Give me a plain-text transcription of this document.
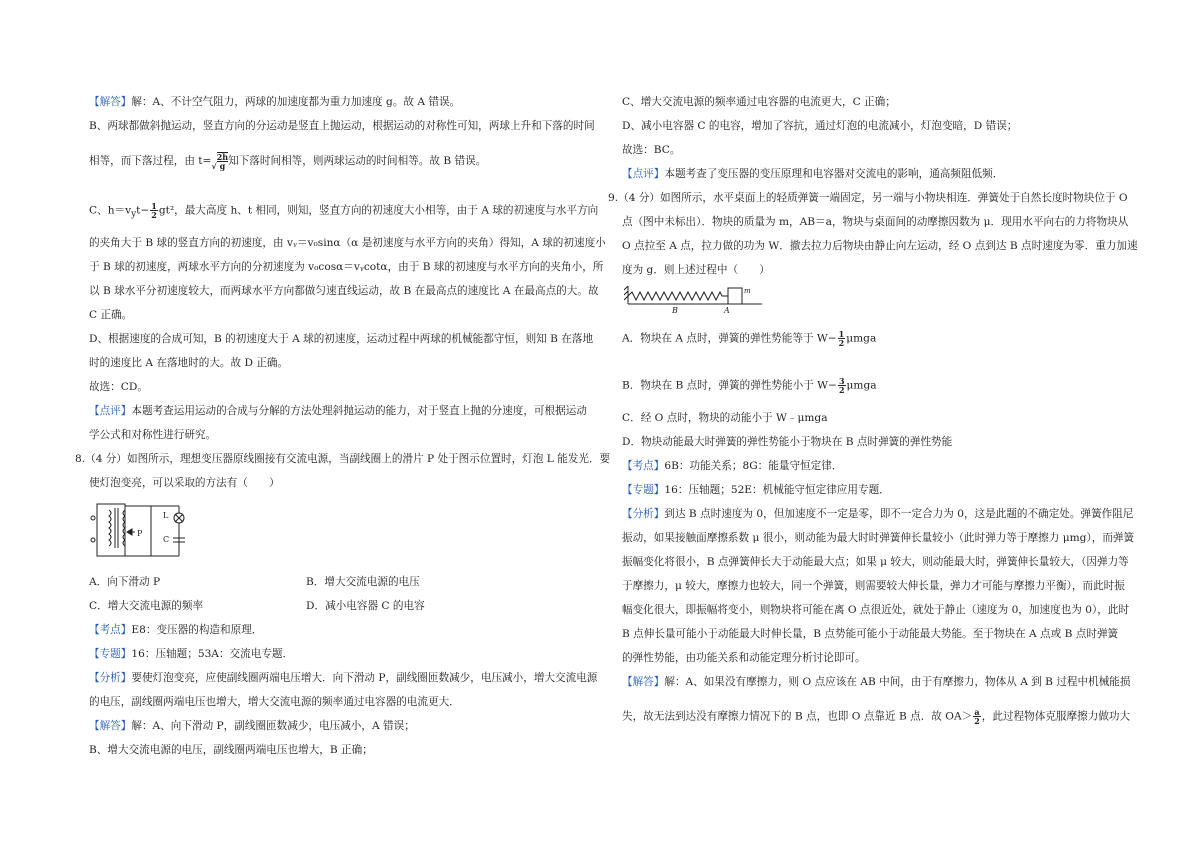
【解答】解：A、不计空气阻力，两球的加速度都为重力加速度 g。故 A 错误。
B、两球都做斜抛运动，竖直方向的分运动是竖直上抛运动，根据运动的对称性可知，两球上升和下落的时间
相等，而下落过程，由 $t=√ \frac{2h}{g}$ 知下落时间相等，则两球运动的时间相等。故 B 错误。
C、$h=v_yt- \frac{1}{2} gt^2$，最大高度 h、t 相同，则知，竖直方向的初速度大小相等，由于 A 球的初速度与水平方向
的夹角大于 B 球的竖直方向的初速度，由 vᵧ＝v₀sinα（α 是初速度与水平方向的夹角）得知，A 球的初速度小
于 B 球的初速度，两球水平方向的分初速度为 v₀cosα＝vᵧcotα，由于 B 球的初速度与水平方向的夹角小，所
以 B 球水平分初速度较大，而两球水平方向都做匀速直线运动，故 B 在最高点的速度比 A 在最高点的大。故
C 正确。
D、根据速度的合成可知，B 的初速度大于 A 球的初速度，运动过程中两球的机械能都守恒，则知 B 在落地
时的速度比 A 在落地时的大。故 D 正确。
故选：CD。
【点评】本题考查运用运动的合成与分解的方法处理斜抛运动的能力，对于竖直上抛的分速度，可根据运动
学公式和对称性进行研究。
8.（4 分）如图所示，理想变压器原线圈接有交流电源，当副线圈上的滑片 P 处于图示位置时，灯泡 L 能发光．要
使灯泡变亮，可以采取的方法有（　　）
L
P
C
A．向下滑动 P	B．增大交流电源的电压
C．增大交流电源的频率	D．减小电容器 C 的电容
【考点】E8：变压器的构造和原理．
【专题】16：压轴题；53A：交流电专题．
【分析】要使灯泡变亮，应使副线圈两端电压增大．向下滑动 P，副线圈匝数减少，电压减小，增大交流电源
的电压，副线圈两端电压也增大，增大交流电源的频率通过电容器的电流更大．
【解答】解：A、向下滑动 P，副线圈匝数减少，电压减小，A 错误；
B、增大交流电源的电压，副线圈两端电压也增大，B 正确；
C、增大交流电源的频率通过电容器的电流更大，C 正确；
D、减小电容器 C 的电容，增加了容抗，通过灯泡的电流减小，灯泡变暗，D 错误；
故选：BC。
【点评】本题考查了变压器的变压原理和电容器对交流电的影响，通高频阻低频．
9.（4 分）如图所示，水平桌面上的轻质弹簧一端固定，另一端与小物块相连．弹簧处于自然长度时物块位于 O
点（图中未标出）．物块的质量为 m，AB＝a，物块与桌面间的动摩擦因数为 μ．现用水平向右的力将物块从
O 点拉至 A 点，拉力做的功为 W．撤去拉力后物块由静止向左运动，经 O 点到达 B 点时速度为零．重力加速
度为 g．则上述过程中（　　）
m
B	A
A．物块在 A 点时，弹簧的弹性势能等于 $W- \frac{1}{2}$ μmga
B．物块在 B 点时，弹簧的弹性势能小于 $W- \frac{3}{2}$ μmga
C．经 O 点时，物块的动能小于 W﹣μmga
D．物块动能最大时弹簧的弹性势能小于物块在 B 点时弹簧的弹性势能
【考点】6B：功能关系；8G：能量守恒定律．
【专题】16：压轴题；52E：机械能守恒定律应用专题．
【分析】到达 B 点时速度为 0，但加速度不一定是零，即不一定合力为 0，这是此题的不确定处。弹簧作阻尼
振动，如果接触面摩擦系数 μ 很小，则动能为最大时时弹簧伸长量较小（此时弹力等于摩擦力 μmg），而弹簧
振幅变化将很小，B 点弹簧伸长大于动能最大点；如果 μ 较大，则动能最大时，弹簧伸长量较大，（因弹力等
于摩擦力，μ 较大，摩擦力也较大，同一个弹簧，则需要较大伸长量，弹力才可能与摩擦力平衡），而此时振
幅变化很大，即振幅将变小，则物块将可能在离 O 点很近处，就处于静止（速度为 0，加速度也为 0），此时
B 点伸长量可能小于动能最大时伸长量，B 点势能可能小于动能最大势能。至于物块在 A 点或 B 点时弹簧
的弹性势能，由功能关系和动能定理分析讨论即可。
【解答】解：A、如果没有摩擦力，则 O 点应该在 AB 中间，由于有摩擦力，物体从 A 到 B 过程中机械能损
失，故无法到达没有摩擦力情况下的 B 点，也即 O 点靠近 B 点．故 $OA> \frac{a}{2}$ ，此过程物体克服摩擦力做功大
